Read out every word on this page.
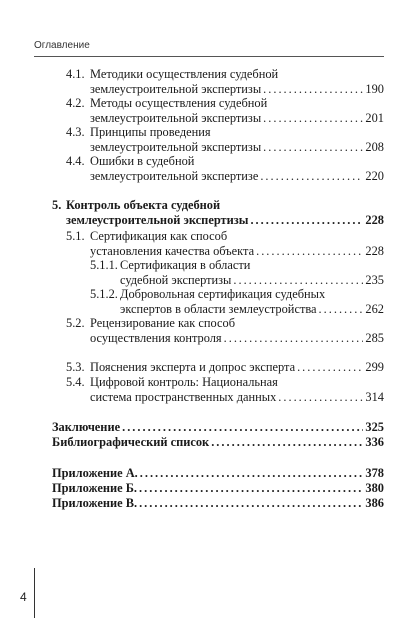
Оглавление
4.1. Методики осуществления судебной
землеустроительной экспертизы .....	190
4.2. Методы осуществления судебной
землеустроительной экспертизы .....	201
4.3. Принципы проведения
землеустроительной экспертизы .....	208
4.4. Ошибки в судебной
землеустроительной экспертизе .....	220
5. Контроль объекта судебной
землеустроительной экспертизы .....	228
5.1. Сертификация как способ
установления качества объекта .....	228
5.1.1. Сертификация в области
судебной экспертизы .....	235
5.1.2. Добровольная сертификация судебных
экспертов в области землеустройства .....	262
5.2. Рецензирование как способ
осуществления контроля .....	285
5.3. Пояснения эксперта и допрос эксперта .....	299
5.4. Цифровой контроль: Национальная
система пространственных данных .....	314
Заключение .....	325
Библиографический список .....	336
Приложение А. .....	378
Приложение Б. .....	380
Приложение В. .....	386
4
